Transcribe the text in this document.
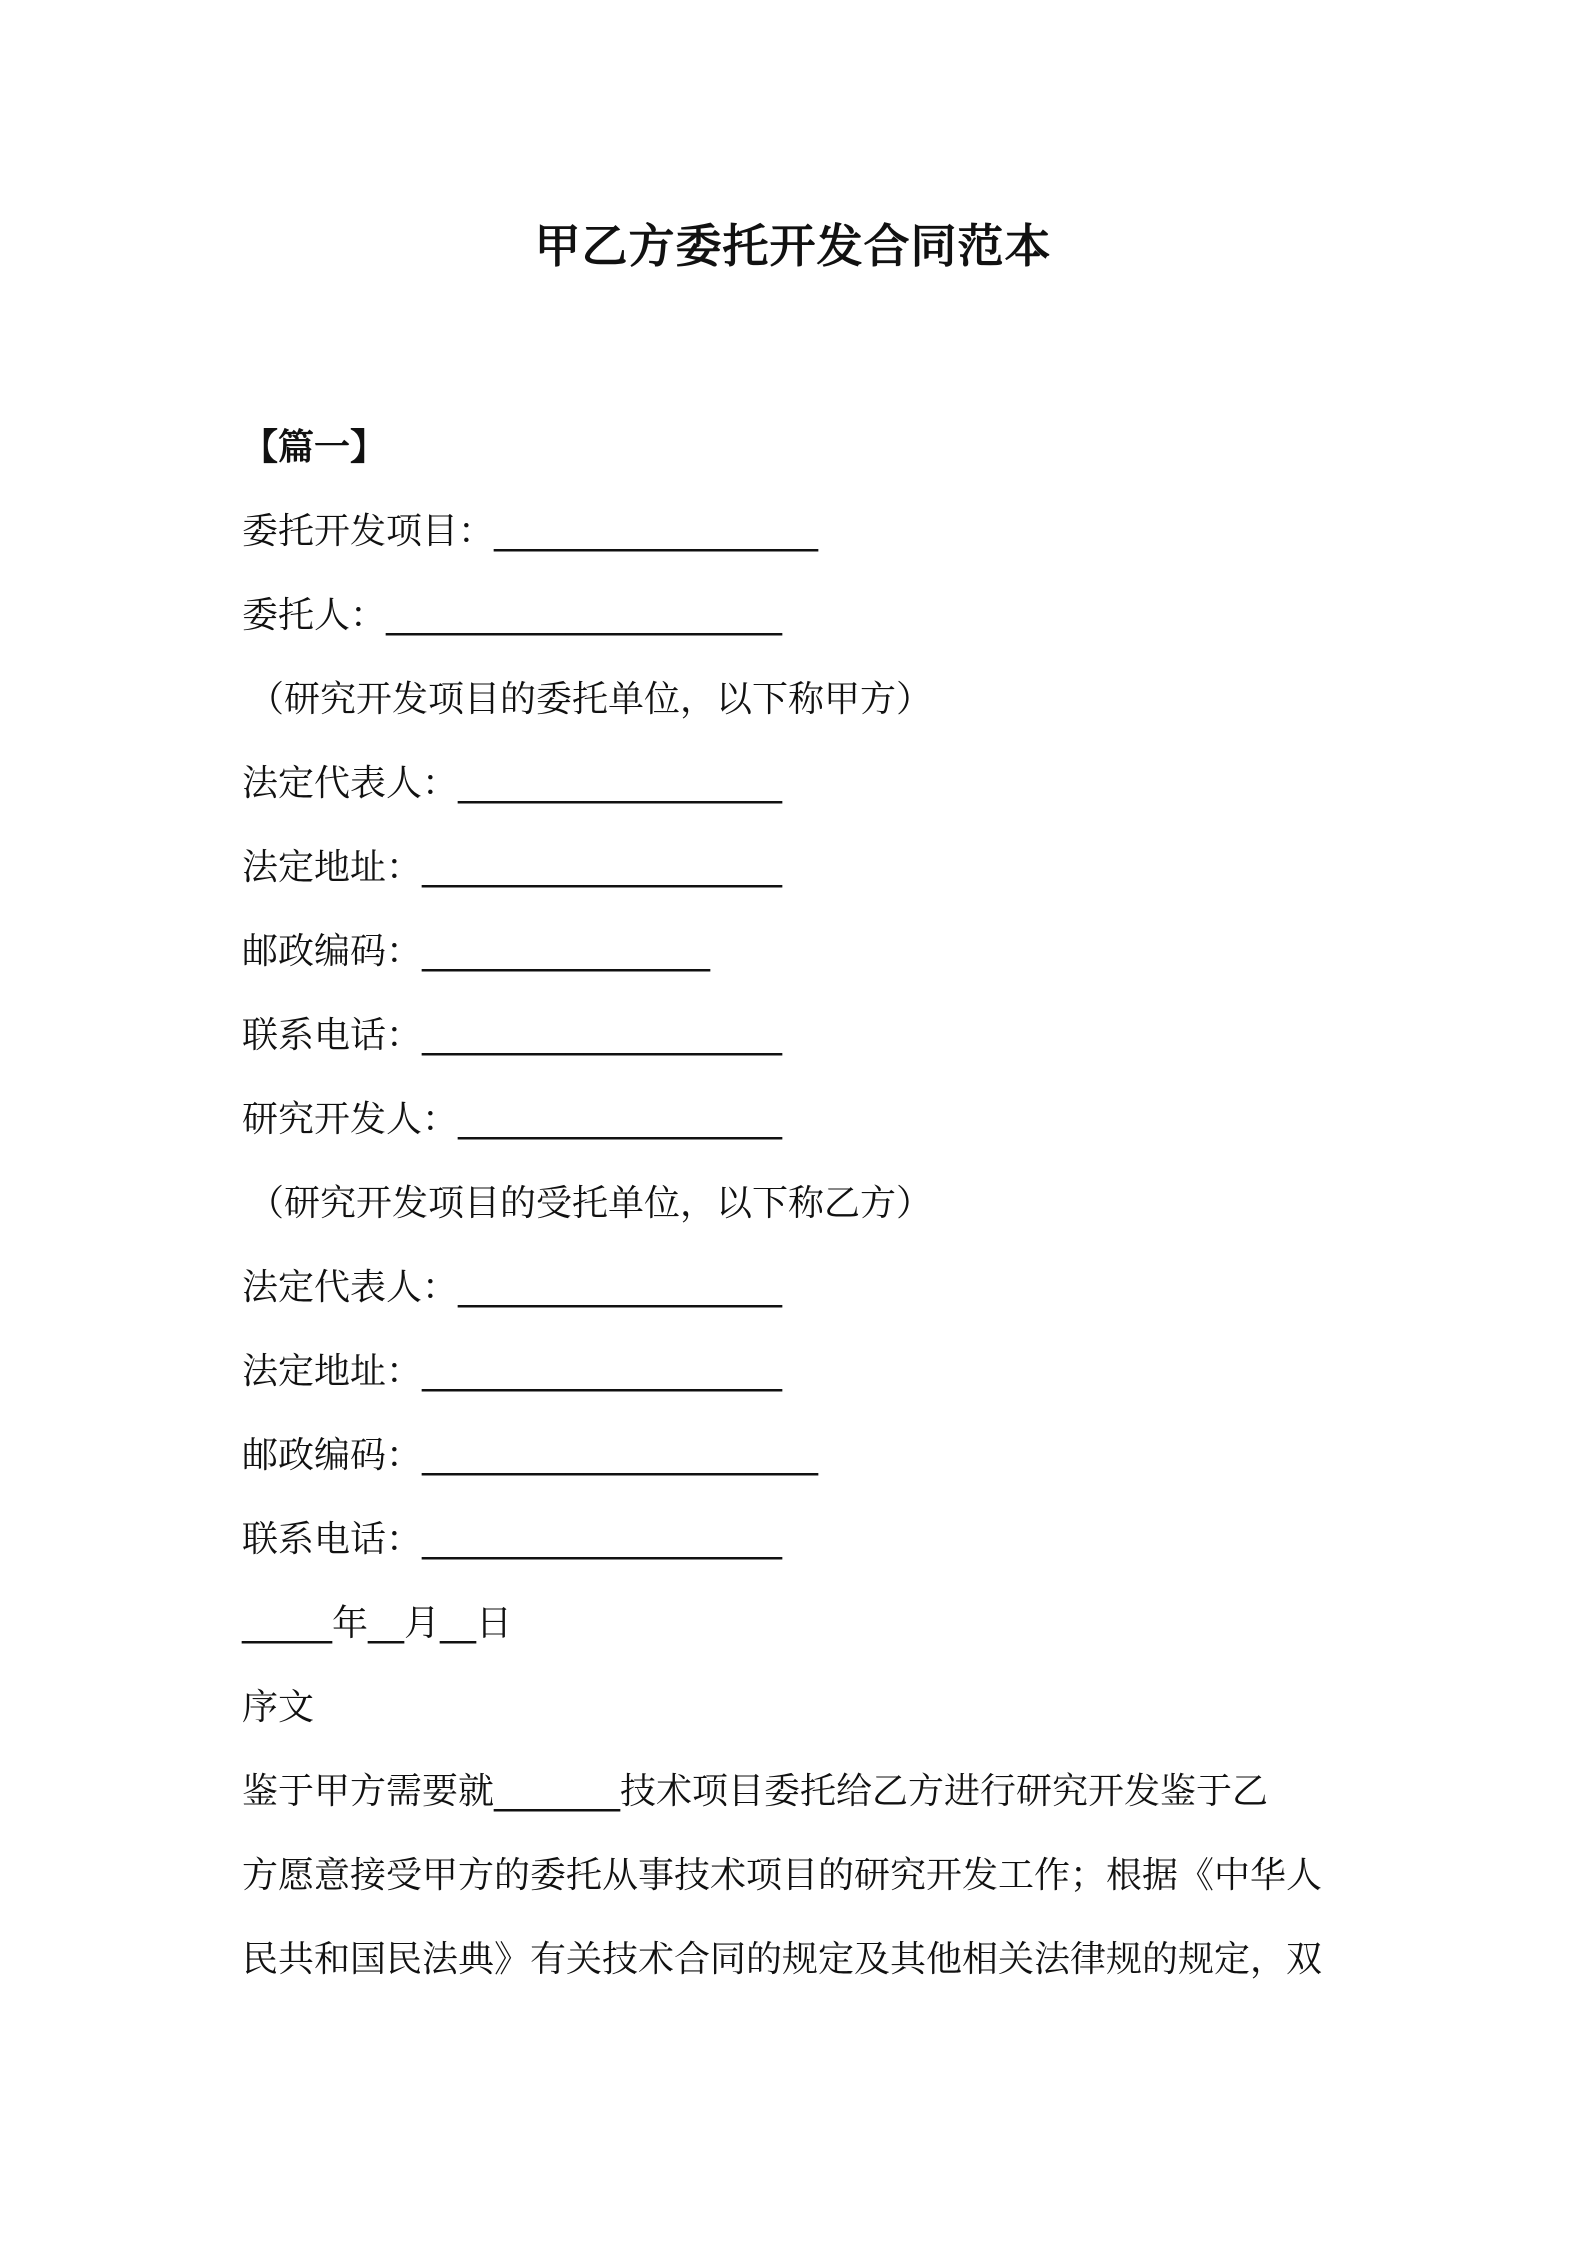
甲乙方委托开发合同范本
【篇一】
委托开发项目：__________________
委托人：______________________
（研究开发项目的委托单位，以下称甲方）
法定代表人：__________________
法定地址：____________________
邮政编码：________________
联系电话：____________________
研究开发人：__________________
（研究开发项目的受托单位，以下称乙方）
法定代表人：__________________
法定地址：____________________
邮政编码：______________________
联系电话：____________________
_____年__月__日
序文
鉴于甲方需要就_______技术项目委托给乙方进行研究开发鉴于乙
方愿意接受甲方的委托从事技术项目的研究开发工作；根据《中华人
民共和国民法典》有关技术合同的规定及其他相关法律规的规定，双
